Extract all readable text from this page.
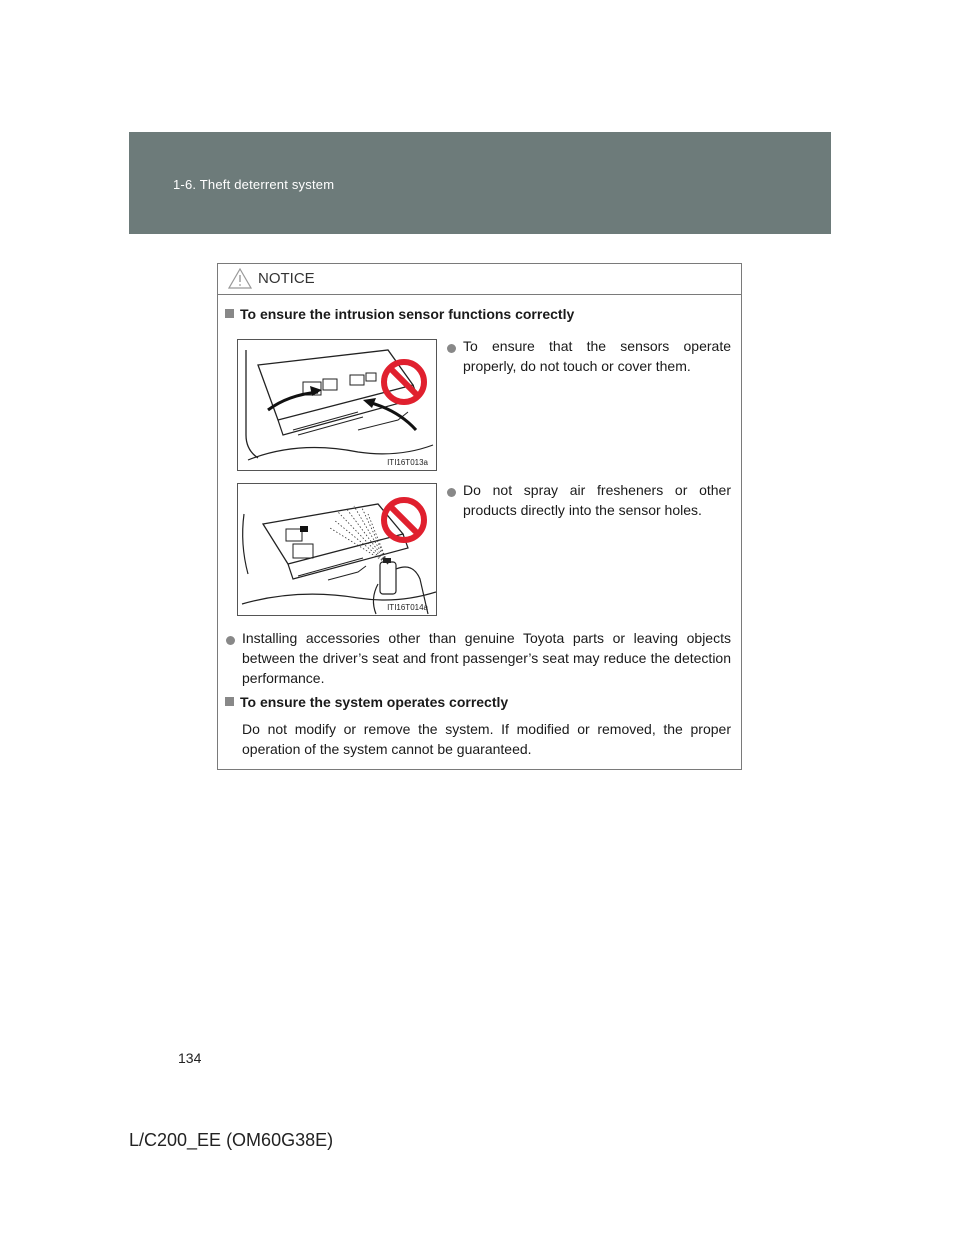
1-6. Theft deterrent system
NOTICE
To ensure the intrusion sensor functions correctly
ITI16T013a
To ensure that the sensors operate properly, do not touch or cover them.
ITI16T014a
Do not spray air fresheners or other products directly into the sensor holes.
Installing accessories other than genuine Toyota parts or leaving objects between the driver’s seat and front passenger’s seat may reduce the detection performance.
To ensure the system operates correctly
Do not modify or remove the system. If modified or removed, the proper operation of the system cannot be guaranteed.
134
L/C200_EE (OM60G38E)
